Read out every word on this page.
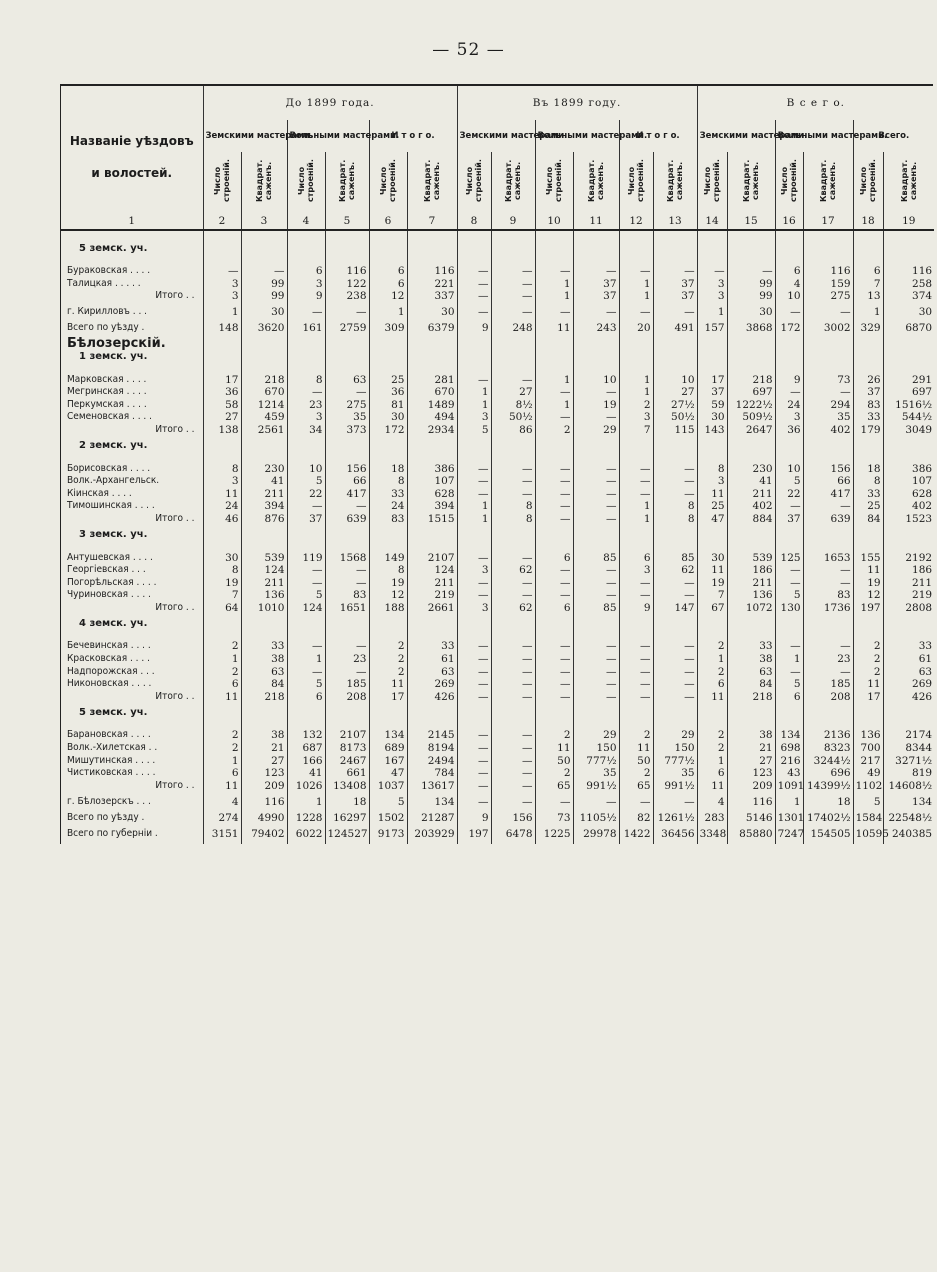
— 52 —
Названіе уѣздовъ
и волостей.	До 1899 года.						Въ 1899 году.						В с е г о.					
	Земскими мастерами.		Вольными мастерами.		И т о г о.		Земскими мастерами.		Вольными мастерами.		И т о г о.		Земскими мастерами.		Вольными мастерами.		Всего.	
	Число строеній.	Квадрат. саженъ.	Число строеній.	Квадрат. саженъ.	Число строеній.	Квадрат. саженъ.	Число строеній.	Квадрат. саженъ.	Число строеній.	Квадрат. саженъ.	Число строеній.	Квадрат. саженъ.	Число строеній.	Квадрат. саженъ.	Число строеній.	Квадрат. саженъ.	Число строеній.	Квадрат. саженъ.
1	2	3	4	5	6	7	8	9	10	11	12	13	14	15	16	17	18	19

5 земск. уч.																		

Бураковская . . . .	—	—	6	116	6	116	—	—	—	—	—	—	—	—	6	116	6	116
Талицкая . . . . .	3	99	3	122	6	221	—	—	1	37	1	37	3	99	4	159	7	258
Итого . .	3	99	9	238	12	337	—	—	1	37	1	37	3	99	10	275	13	374
г. Кирилловъ . . .	1	30	—	—	1	30	—	—	—	—	—	—	1	30	—	—	1	30
Всего по уѣзду .	148	3620	161	2759	309	6379	9	248	11	243	20	491	157	3868	172	3002	329	6870
Бѣлозерскій.																		
1 земск. уч.																		

Марковская . . . .	17	218	8	63	25	281	—	—	1	10	1	10	17	218	9	73	26	291
Мегринская . . . .	36	670	—	—	36	670	1	27	—	—	1	27	37	697	—	—	37	697
Перкумская . . . .	58	1214	23	275	81	1489	1	8½	1	19	2	27½	59	1222½	24	294	83	1516½
Семеновская . . . .	27	459	3	35	30	494	3	50½	—	—	3	50½	30	509½	3	35	33	544½
Итого . .	138	2561	34	373	172	2934	5	86	2	29	7	115	143	2647	36	402	179	3049
2 земск. уч.																		

Борисовская . . . .	8	230	10	156	18	386	—	—	—	—	—	—	8	230	10	156	18	386
Волк.-Архангельск.	3	41	5	66	8	107	—	—	—	—	—	—	3	41	5	66	8	107
Кіинская . . . .	11	211	22	417	33	628	—	—	—	—	—	—	11	211	22	417	33	628
Тимошинская . . . .	24	394	—	—	24	394	1	8	—	—	1	8	25	402	—	—	25	402
Итого . .	46	876	37	639	83	1515	1	8	—	—	1	8	47	884	37	639	84	1523
3 земск. уч.																		

Антушевская . . . .	30	539	119	1568	149	2107	—	—	6	85	6	85	30	539	125	1653	155	2192
Георгіевская . . .	8	124	—	—	8	124	3	62	—	—	3	62	11	186	—	—	11	186
Погорѣльская . . . .	19	211	—	—	19	211	—	—	—	—	—	—	19	211	—	—	19	211
Чуриновская . . . .	7	136	5	83	12	219	—	—	—	—	—	—	7	136	5	83	12	219
Итого . .	64	1010	124	1651	188	2661	3	62	6	85	9	147	67	1072	130	1736	197	2808
4 земск. уч.																		

Бечевинская . . . .	2	33	—	—	2	33	—	—	—	—	—	—	2	33	—	—	2	33
Красковская . . . .	1	38	1	23	2	61	—	—	—	—	—	—	1	38	1	23	2	61
Надпорожская . . .	2	63	—	—	2	63	—	—	—	—	—	—	2	63	—	—	2	63
Никоновская . . . .	6	84	5	185	11	269	—	—	—	—	—	—	6	84	5	185	11	269
Итого . .	11	218	6	208	17	426	—	—	—	—	—	—	11	218	6	208	17	426
5 земск. уч.																		

Барановская . . . .	2	38	132	2107	134	2145	—	—	2	29	2	29	2	38	134	2136	136	2174
Волк.-Хилетская . .	2	21	687	8173	689	8194	—	—	11	150	11	150	2	21	698	8323	700	8344
Мишутинская . . . .	1	27	166	2467	167	2494	—	—	50	777½	50	777½	1	27	216	3244½	217	3271½
Чистиковская . . . .	6	123	41	661	47	784	—	—	2	35	2	35	6	123	43	696	49	819
Итого . .	11	209	1026	13408	1037	13617	—	—	65	991½	65	991½	11	209	1091	14399½	1102	14608½
г. Бѣлозерскъ . . .	4	116	1	18	5	134	—	—	—	—	—	—	4	116	1	18	5	134
Всего по уѣзду .	274	4990	1228	16297	1502	21287	9	156	73	1105½	82	1261½	283	5146	1301	17402½	1584	22548½
Всего по губерніи .	3151	79402	6022	124527	9173	203929	197	6478	1225	29978	1422	36456	3348	85880	7247	154505	10595	240385
